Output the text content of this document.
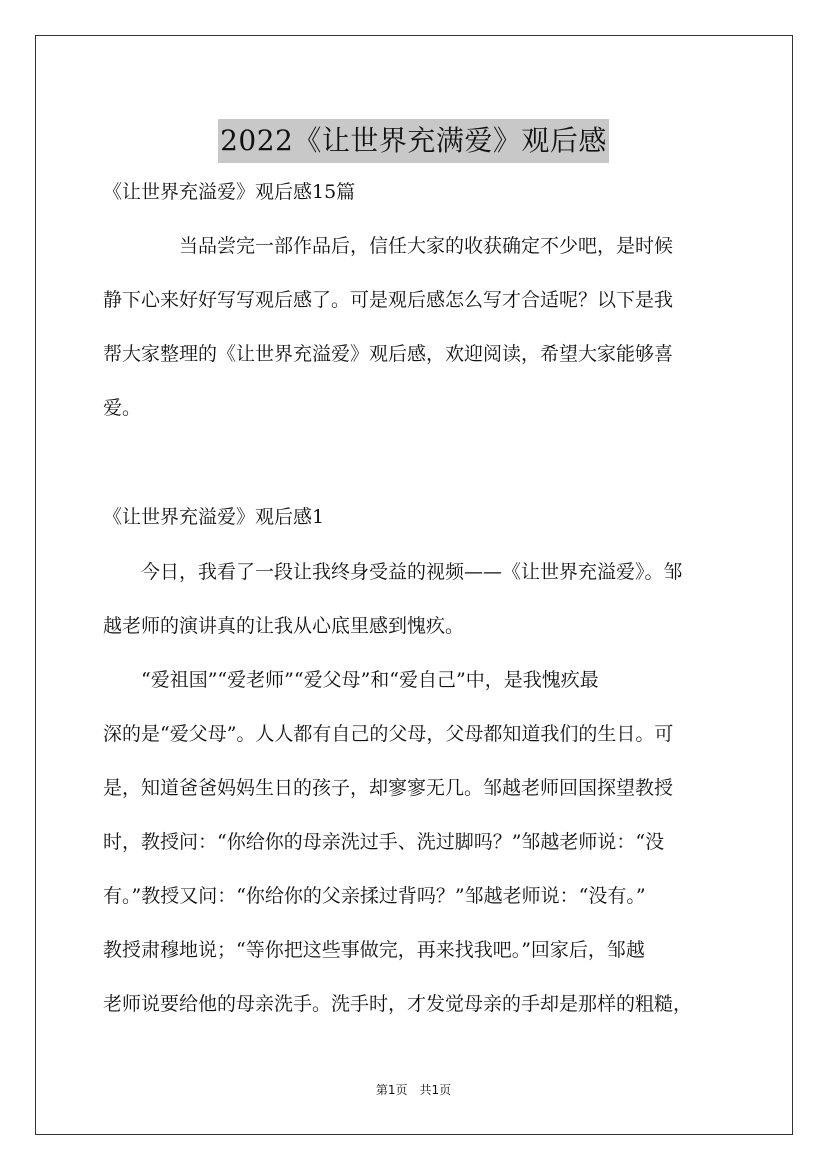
2022《让世界充满爱》观后感
《让世界充溢爱》观后感15篇
　　　　当品尝完一部作品后，信任大家的收获确定不少吧，是时候
静下心来好好写写观后感了。可是观后感怎么写才合适呢？以下是我
帮大家整理的《让世界充溢爱》观后感，欢迎阅读，希望大家能够喜
爱。
《让世界充溢爱》观后感1
　　今日，我看了一段让我终身受益的视频——《让世界充溢爱》。邹
越老师的演讲真的让我从心底里感到愧疚。
　　“爱祖国”“爱老师”“爱父母”和“爱自己”中，是我愧疚最
深的是“爱父母”。人人都有自己的父母，父母都知道我们的生日。可
是，知道爸爸妈妈生日的孩子，却寥寥无几。邹越老师回国探望教授
时，教授问：“你给你的母亲洗过手、洗过脚吗？”邹越老师说：“没
有。”教授又问：“你给你的父亲揉过背吗？”邹越老师说：“没有。”
教授肃穆地说；“等你把这些事做完，再来找我吧。”回家后，邹越
老师说要给他的母亲洗手。洗手时，才发觉母亲的手却是那样的粗糙，
第1页　共1页
